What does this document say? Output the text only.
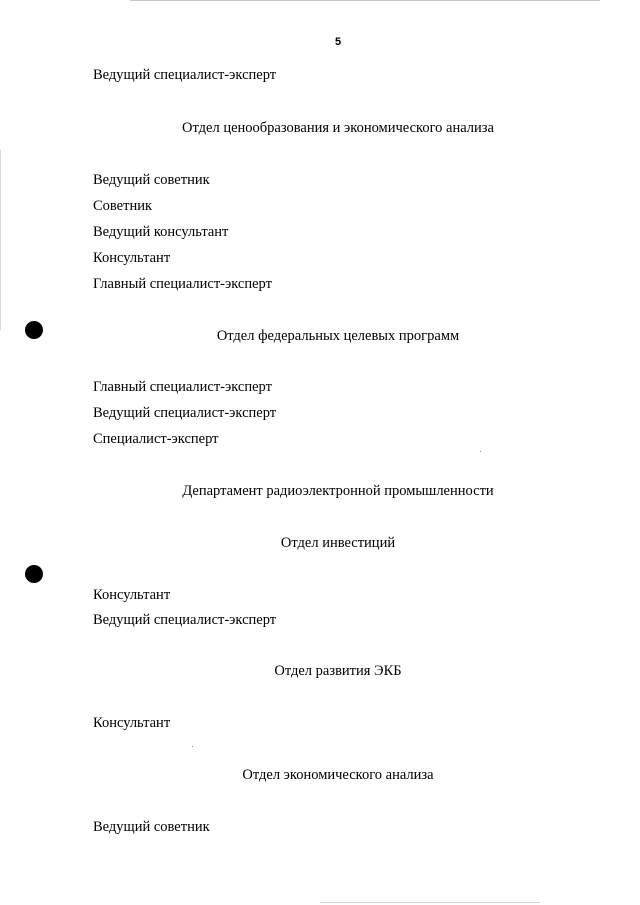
5
Ведущий специалист-эксперт
Отдел ценообразования и экономического анализа
Ведущий советник
Советник
Ведущий консультант
Консультант
Главный специалист-эксперт
Отдел федеральных целевых программ
Главный специалист-эксперт
Ведущий специалист-эксперт
Специалист-эксперт
Департамент радиоэлектронной промышленности
Отдел инвестиций
Консультант
Ведущий специалист-эксперт
Отдел развития ЭКБ
Консультант
Отдел экономического анализа
Ведущий советник
